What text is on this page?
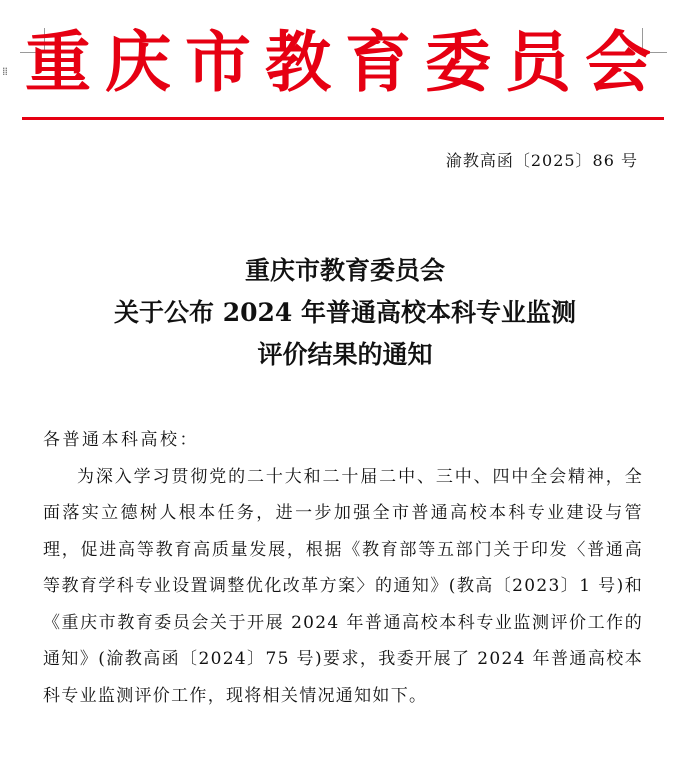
⁞⁞ 重庆市教育委员会
渝教高函〔2025〕86 号
重庆市教育委员会
关于公布 2024 年普通高校本科专业监测
评价结果的通知
各普通本科高校：
为深入学习贯彻党的二十大和二十届二中、三中、四中全会精神，全面落实立德树人根本任务，进一步加强全市普通高校本科专业建设与管理，促进高等教育高质量发展，根据《教育部等五部门关于印发〈普通高等教育学科专业设置调整优化改革方案〉的通知》(教高〔2023〕1 号)和《重庆市教育委员会关于开展 2024 年普通高校本科专业监测评价工作的通知》(渝教高函〔2024〕75 号)要求，我委开展了 2024 年普通高校本科专业监测评价工作，现将相关情况通知如下。
